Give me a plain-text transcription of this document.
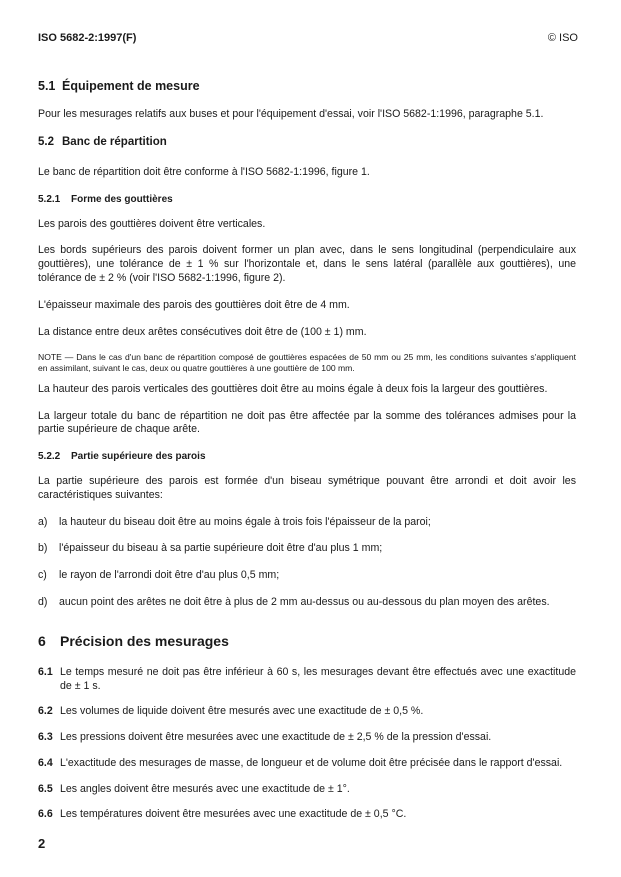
ISO 5682-2:1997(F)	© ISO

5.1 Équipement de mesure

Pour les mesurages relatifs aux buses et pour l'équipement d'essai, voir l'ISO 5682-1:1996, paragraphe 5.1.

5.2 Banc de répartition

Le banc de répartition doit être conforme à l'ISO 5682-1:1996, figure 1.

5.2.1 Forme des gouttières

Les parois des gouttières doivent être verticales.

Les bords supérieurs des parois doivent former un plan avec, dans le sens longitudinal (perpendiculaire aux gouttières), une tolérance de ± 1 % sur l'horizontale et, dans le sens latéral (parallèle aux gouttières), une tolérance de ± 2 % (voir l'ISO 5682-1:1996, figure 2).

L'épaisseur maximale des parois des gouttières doit être de 4 mm.

La distance entre deux arêtes consécutives doit être de (100 ± 1) mm.

NOTE — Dans le cas d'un banc de répartition composé de gouttières espacées de 50 mm ou 25 mm, les conditions suivantes s'appliquent en assimilant, suivant le cas, deux ou quatre gouttières à une gouttière de 100 mm.

La hauteur des parois verticales des gouttières doit être au moins égale à deux fois la largeur des gouttières.

La largeur totale du banc de répartition ne doit pas être affectée par la somme des tolérances admises pour la partie supérieure de chaque arête.

5.2.2 Partie supérieure des parois

La partie supérieure des parois est formée d'un biseau symétrique pouvant être arrondi et doit avoir les caractéristiques suivantes:

a)	la hauteur du biseau doit être au moins égale à trois fois l'épaisseur de la paroi;
b)	l'épaisseur du biseau à sa partie supérieure doit être d'au plus 1 mm;
c)	le rayon de l'arrondi doit être d'au plus 0,5 mm;
d)	aucun point des arêtes ne doit être à plus de 2 mm au-dessus ou au-dessous du plan moyen des arêtes.

6 Précision des mesurages

6.1 Le temps mesuré ne doit pas être inférieur à 60 s, les mesurages devant être effectués avec une exactitude de ± 1 s.
6.2 Les volumes de liquide doivent être mesurés avec une exactitude de ± 0,5 %.
6.3 Les pressions doivent être mesurées avec une exactitude de ± 2,5 % de la pression d'essai.
6.4 L'exactitude des mesurages de masse, de longueur et de volume doit être précisée dans le rapport d'essai.
6.5 Les angles doivent être mesurés avec une exactitude de ± 1°.
6.6 Les températures doivent être mesurées avec une exactitude de ± 0,5 °C.
2
